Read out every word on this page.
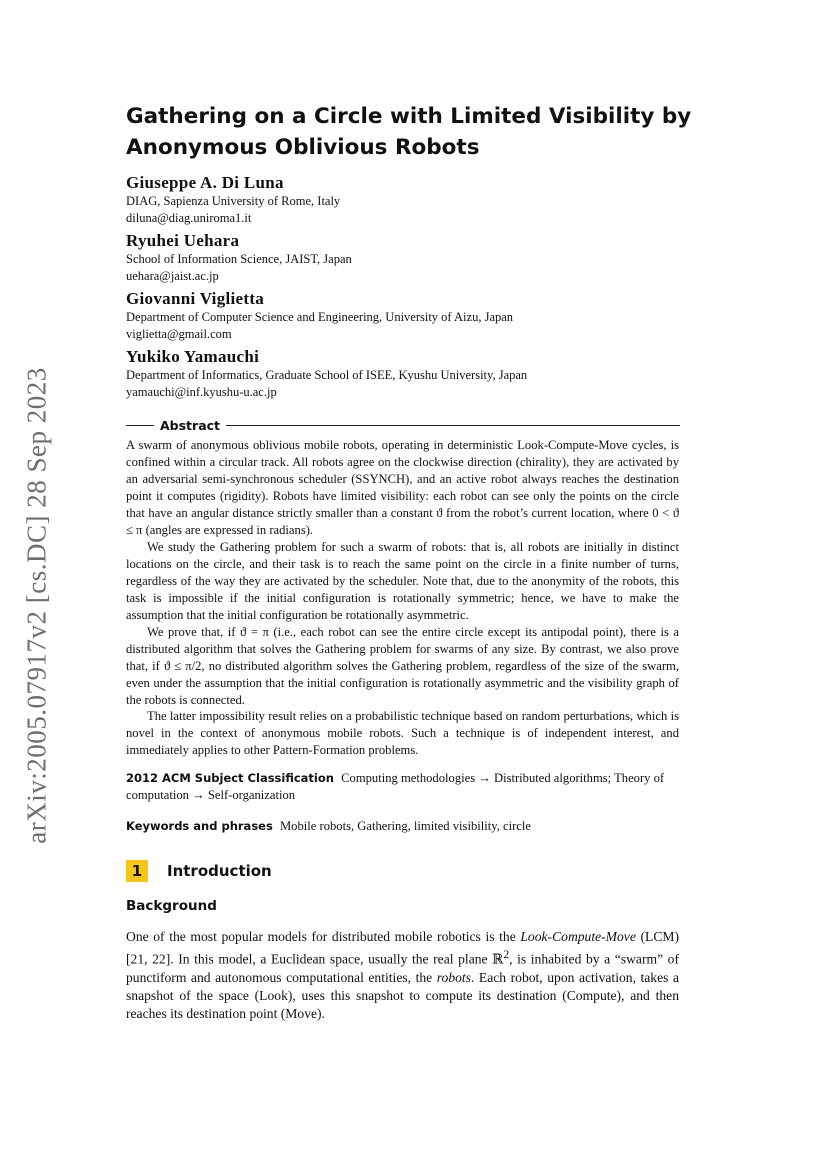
arXiv:2005.07917v2 [cs.DC] 28 Sep 2023
Gathering on a Circle with Limited Visibility by Anonymous Oblivious Robots
Giuseppe A. Di Luna
DIAG, Sapienza University of Rome, Italy
diluna@diag.uniroma1.it
Ryuhei Uehara
School of Information Science, JAIST, Japan
uehara@jaist.ac.jp
Giovanni Viglietta
Department of Computer Science and Engineering, University of Aizu, Japan
viglietta@gmail.com
Yukiko Yamauchi
Department of Informatics, Graduate School of ISEE, Kyushu University, Japan
yamauchi@inf.kyushu-u.ac.jp
Abstract

A swarm of anonymous oblivious mobile robots, operating in deterministic Look-Compute-Move cycles, is confined within a circular track. All robots agree on the clockwise direction (chirality), they are activated by an adversarial semi-synchronous scheduler (SSYNCH), and an active robot always reaches the destination point it computes (rigidity). Robots have limited visibility: each robot can see only the points on the circle that have an angular distance strictly smaller than a constant ϑ from the robot’s current location, where 0 < ϑ ≤ π (angles are expressed in radians).

We study the Gathering problem for such a swarm of robots: that is, all robots are initially in distinct locations on the circle, and their task is to reach the same point on the circle in a finite number of turns, regardless of the way they are activated by the scheduler. Note that, due to the anonymity of the robots, this task is impossible if the initial configuration is rotationally symmetric; hence, we have to make the assumption that the initial configuration be rotationally asymmetric.

We prove that, if ϑ = π (i.e., each robot can see the entire circle except its antipodal point), there is a distributed algorithm that solves the Gathering problem for swarms of any size. By contrast, we also prove that, if ϑ ≤ π/2, no distributed algorithm solves the Gathering problem, regardless of the size of the swarm, even under the assumption that the initial configuration is rotationally asymmetric and the visibility graph of the robots is connected.

The latter impossibility result relies on a probabilistic technique based on random perturbations, which is novel in the context of anonymous mobile robots. Such a technique is of independent interest, and immediately applies to other Pattern-Formation problems.

2012 ACM Subject Classification Computing methodologies → Distributed algorithms; Theory of computation → Self-organization

Keywords and phrases Mobile robots, Gathering, limited visibility, circle

1	Introduction
Background

One of the most popular models for distributed mobile robotics is the Look-Compute-Move (LCM) [21, 22]. In this model, a Euclidean space, usually the real plane ℝ$^2$, is inhabited by a “swarm” of punctiform and autonomous computational entities, the robots. Each robot, upon activation, takes a snapshot of the space (Look), uses this snapshot to compute its destination (Compute), and then reaches its destination point (Move).
